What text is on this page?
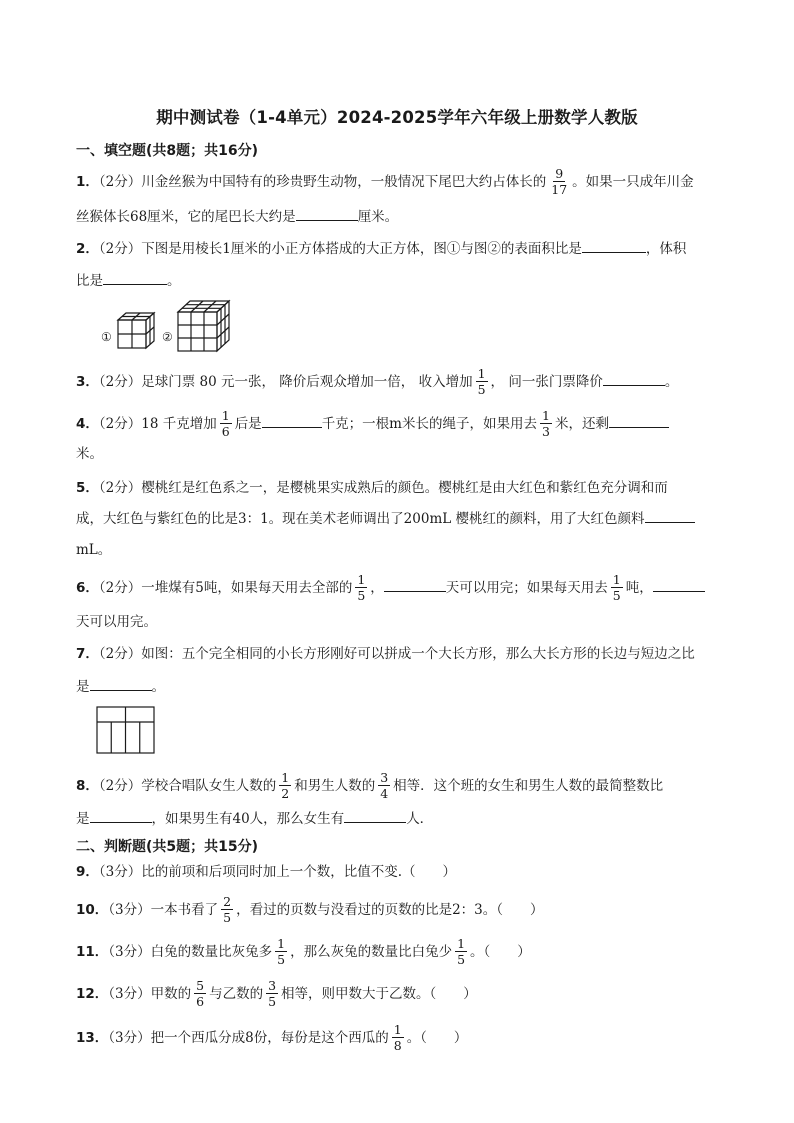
期中测试卷（1-4单元）2024-2025学年六年级上册数学人教版
一、填空题(共8题；共16分)
1．（2分）川金丝猴为中国特有的珍贵野生动物，一般情况下尾巴大约占体长的 $\frac{9}{17}$ 。如果一只成年川金
丝猴体长68厘米，它的尾巴长大约是	厘米。
2．（2分）下图是用棱长1厘米的小正方体搭成的大正方体，图①与图②的表面积比是	，体积
比是	。
①	②
3．（2分）足球门票 80 元一张， 降价后观众增加一倍， 收入增加 $\frac{1}{5}$ ， 问一张门票降价	。
4．（2分）18 千克增加 $\frac{1}{6}$ 后是	千克；一根m米长的绳子，如果用去 $\frac{1}{3}$ 米，还剩
米。
5．（2分）樱桃红是红色系之一，是樱桃果实成熟后的颜色。樱桃红是由大红色和紫红色充分调和而
成，大红色与紫红色的比是3：1。现在美术老师调出了200mL 樱桃红的颜料，用了大红色颜料
mL。
6．（2分）一堆煤有5吨，如果每天用去全部的 $\frac{1}{5}$ ，	天可以用完；如果每天用去 $\frac{1}{5}$ 吨，
天可以用完。
7．（2分）如图：五个完全相同的小长方形刚好可以拼成一个大长方形，那么大长方形的长边与短边之比
是	。
8．（2分）学校合唱队女生人数的 $\frac{1}{2}$ 和男生人数的 $\frac{3}{4}$ 相等．这个班的女生和男生人数的最简整数比
是	，如果男生有40人，那么女生有	人．
二、判断题(共5题；共15分)
9．（3分）比的前项和后项同时加上一个数，比值不变.（　　）
10．（3分）一本书看了 $\frac{2}{5}$ ，看过的页数与没看过的页数的比是2：3。（　　）
11．（3分）白兔的数量比灰兔多 $\frac{1}{5}$ ，那么灰兔的数量比白兔少 $\frac{1}{5}$ 。（　　）
12．（3分）甲数的 $\frac{5}{6}$ 与乙数的 $\frac{3}{5}$ 相等，则甲数大于乙数。（　　）
13．（3分）把一个西瓜分成8份，每份是这个西瓜的 $\frac{1}{8}$ 。（　　）
